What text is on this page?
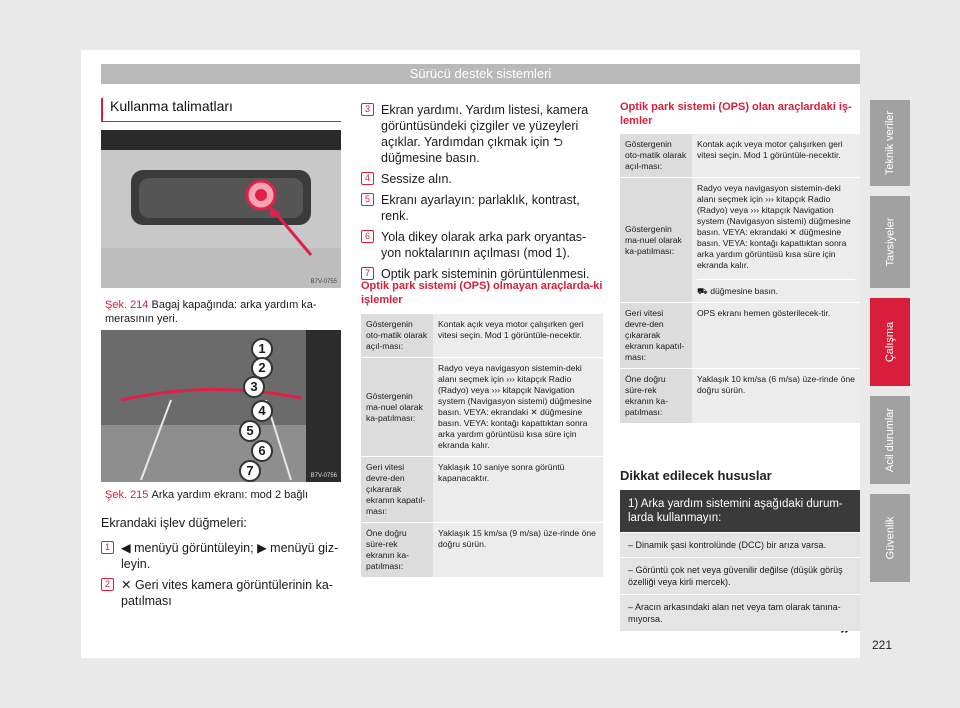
Sürücü destek sistemleri
Teknik veriler
Tavsiyeler
Çalışma
Acil durumlar
Güvenlik
221
Kullanma talimatları
B7V-0755
Şek. 214 Bagaj kapağında: arka yardım ka-merasının yeri.
1
2
3
4
5
6
7	B7V-0756
Şek. 215 Arka yardım ekranı: mod 2 bağlı
Ekrandaki işlev düğmeleri:
1 ◀ menüyü görüntüleyin; ▶ menüyü giz-leyin.
2 ✕ Geri vites kamera görüntülerinin ka-patılması
3 Ekran yardımı. Yardım listesi, kamera görüntüsündeki çizgiler ve yüzeyleri açıklar. Yardımdan çıkmak için ⮌ düğmesine basın.
4 Sessize alın.
5 Ekranı ayarlayın: parlaklık, kontrast, renk.
6 Yola dikey olarak arka park oryantas-yon noktalarının açılması (mod 1).
7 Optik park sisteminin görüntülenmesi.
Optik park sistemi (OPS) olmayan araçlarda-ki işlemler
Göstergenin oto-matik olarak açıl-ması:	Kontak açık veya motor çalışırken geri vitesi seçin. Mod 1 görüntüle-necektir.
Göstergenin ma-nuel olarak ka-patılması:	Radyo veya navigasyon sistemin-deki alanı seçmek için ››› kitapçık Radio (Radyo) veya ››› kitapçık Navigation system (Navigasyon sistemi) düğmesine basın. VEYA: ekrandaki ✕ düğmesine basın. VEYA: kontağı kapattıktan sonra arka yardım görüntüsü kısa süre için ekranda kalır.
Geri vitesi devre-den çıkararak ekranın kapatıl-ması:	Yaklaşık 10 saniye sonra görüntü kapanacaktır.
Öne doğru süre-rek ekranın ka-patılması:	Yaklaşık 15 km/sa (9 m/sa) üze-rinde öne doğru sürün.
Optik park sistemi (OPS) olan araçlardaki iş-lemler
Göstergenin oto-matik olarak açıl-ması:	Kontak açık veya motor çalışırken geri vitesi seçin. Mod 1 görüntüle-necektir.
Göstergenin ma-nuel olarak ka-patılması:	Radyo veya navigasyon sistemin-deki alanı seçmek için ››› kitapçık Radio (Radyo) veya ››› kitapçık Navigation system (Navigasyon sistemi) düğmesine basın. VEYA: ekrandaki ✕ düğmesine basın. VEYA: kontağı kapattıktan sonra arka yardım görüntüsü kısa süre için ekranda kalır.
⛟ düğmesine basın.

Geri vitesi devre-den çıkararak ekranın kapatıl-ması:	OPS ekranı hemen gösterilecek-tir.
Öne doğru süre-rek ekranın ka-patılması:	Yaklaşık 10 km/sa (6 m/sa) üze-rinde öne doğru sürün.
Dikkat edilecek hususlar
1) Arka yardım sistemini aşağıdaki durum-larda kullanmayın:
– Dinamik şasi kontrolünde (DCC) bir arıza varsa.
– Görüntü çok net veya güvenilir değilse (düşük görüş özelliği veya kirli mercek).
– Aracın arkasındaki alan net veya tam olarak tanına-mıyorsa.
